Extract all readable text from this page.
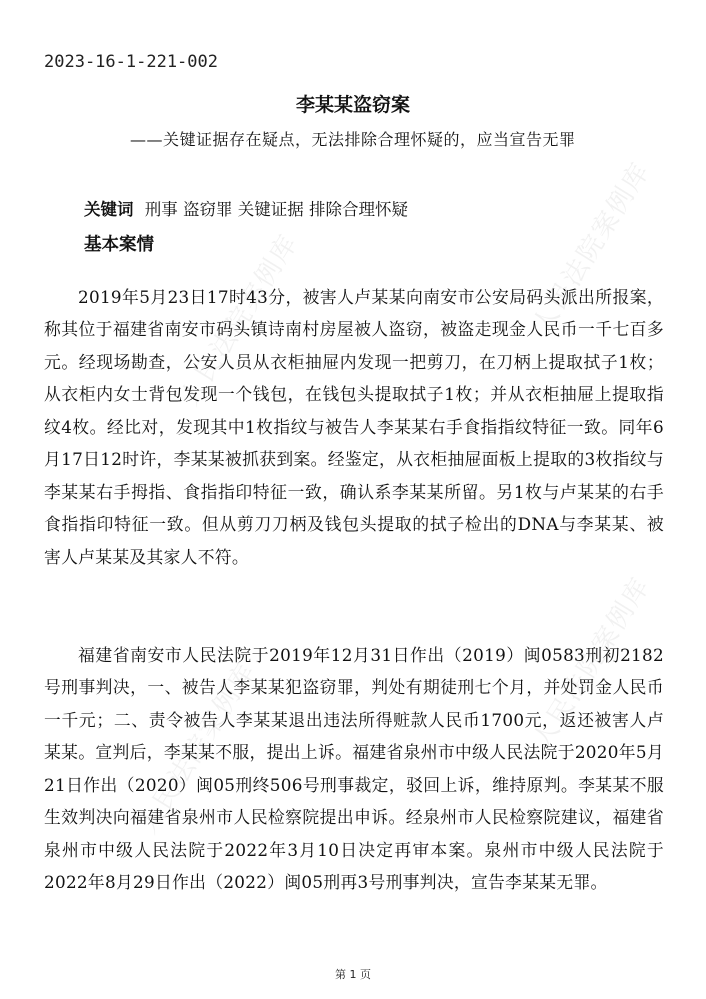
人民法院案例库	人民法院案例库
人民法院案例库	人民法院案例库
2023-16-1-221-002
李某某盗窃案
——关键证据存在疑点，无法排除合理怀疑的，应当宣告无罪
关键词 刑事 盗窃罪 关键证据 排除合理怀疑
基本案情

2019年5月23日17时43分，被害人卢某某向南安市公安局码头派出所报案，称其位于福建省南安市码头镇诗南村房屋被人盗窃，被盗走现金人民币一千七百多元。经现场勘查，公安人员从衣柜抽屉内发现一把剪刀，在刀柄上提取拭子1枚；从衣柜内女士背包发现一个钱包，在钱包头提取拭子1枚；并从衣柜抽屉上提取指纹4枚。经比对，发现其中1枚指纹与被告人李某某右手食指指纹特征一致。同年6月17日12时许，李某某被抓获到案。经鉴定，从衣柜抽屉面板上提取的3枚指纹与李某某右手拇指、食指指印特征一致，确认系李某某所留。另1枚与卢某某的右手食指指印特征一致。但从剪刀刀柄及钱包头提取的拭子检出的DNA与李某某、被害人卢某某及其家人不符。

福建省南安市人民法院于2019年12月31日作出（2019）闽0583刑初2182号刑事判决，一、被告人李某某犯盗窃罪，判处有期徒刑七个月，并处罚金人民币一千元；二、责令被告人李某某退出违法所得赃款人民币1700元，返还被害人卢某某。宣判后，李某某不服，提出上诉。福建省泉州市中级人民法院于2020年5月21日作出（2020）闽05刑终506号刑事裁定，驳回上诉，维持原判。李某某不服生效判决向福建省泉州市人民检察院提出申诉。经泉州市人民检察院建议，福建省泉州市中级人民法院于2022年3月10日决定再审本案。泉州市中级人民法院于2022年8月29日作出（2022）闽05刑再3号刑事判决，宣告李某某无罪。

第 1 页
